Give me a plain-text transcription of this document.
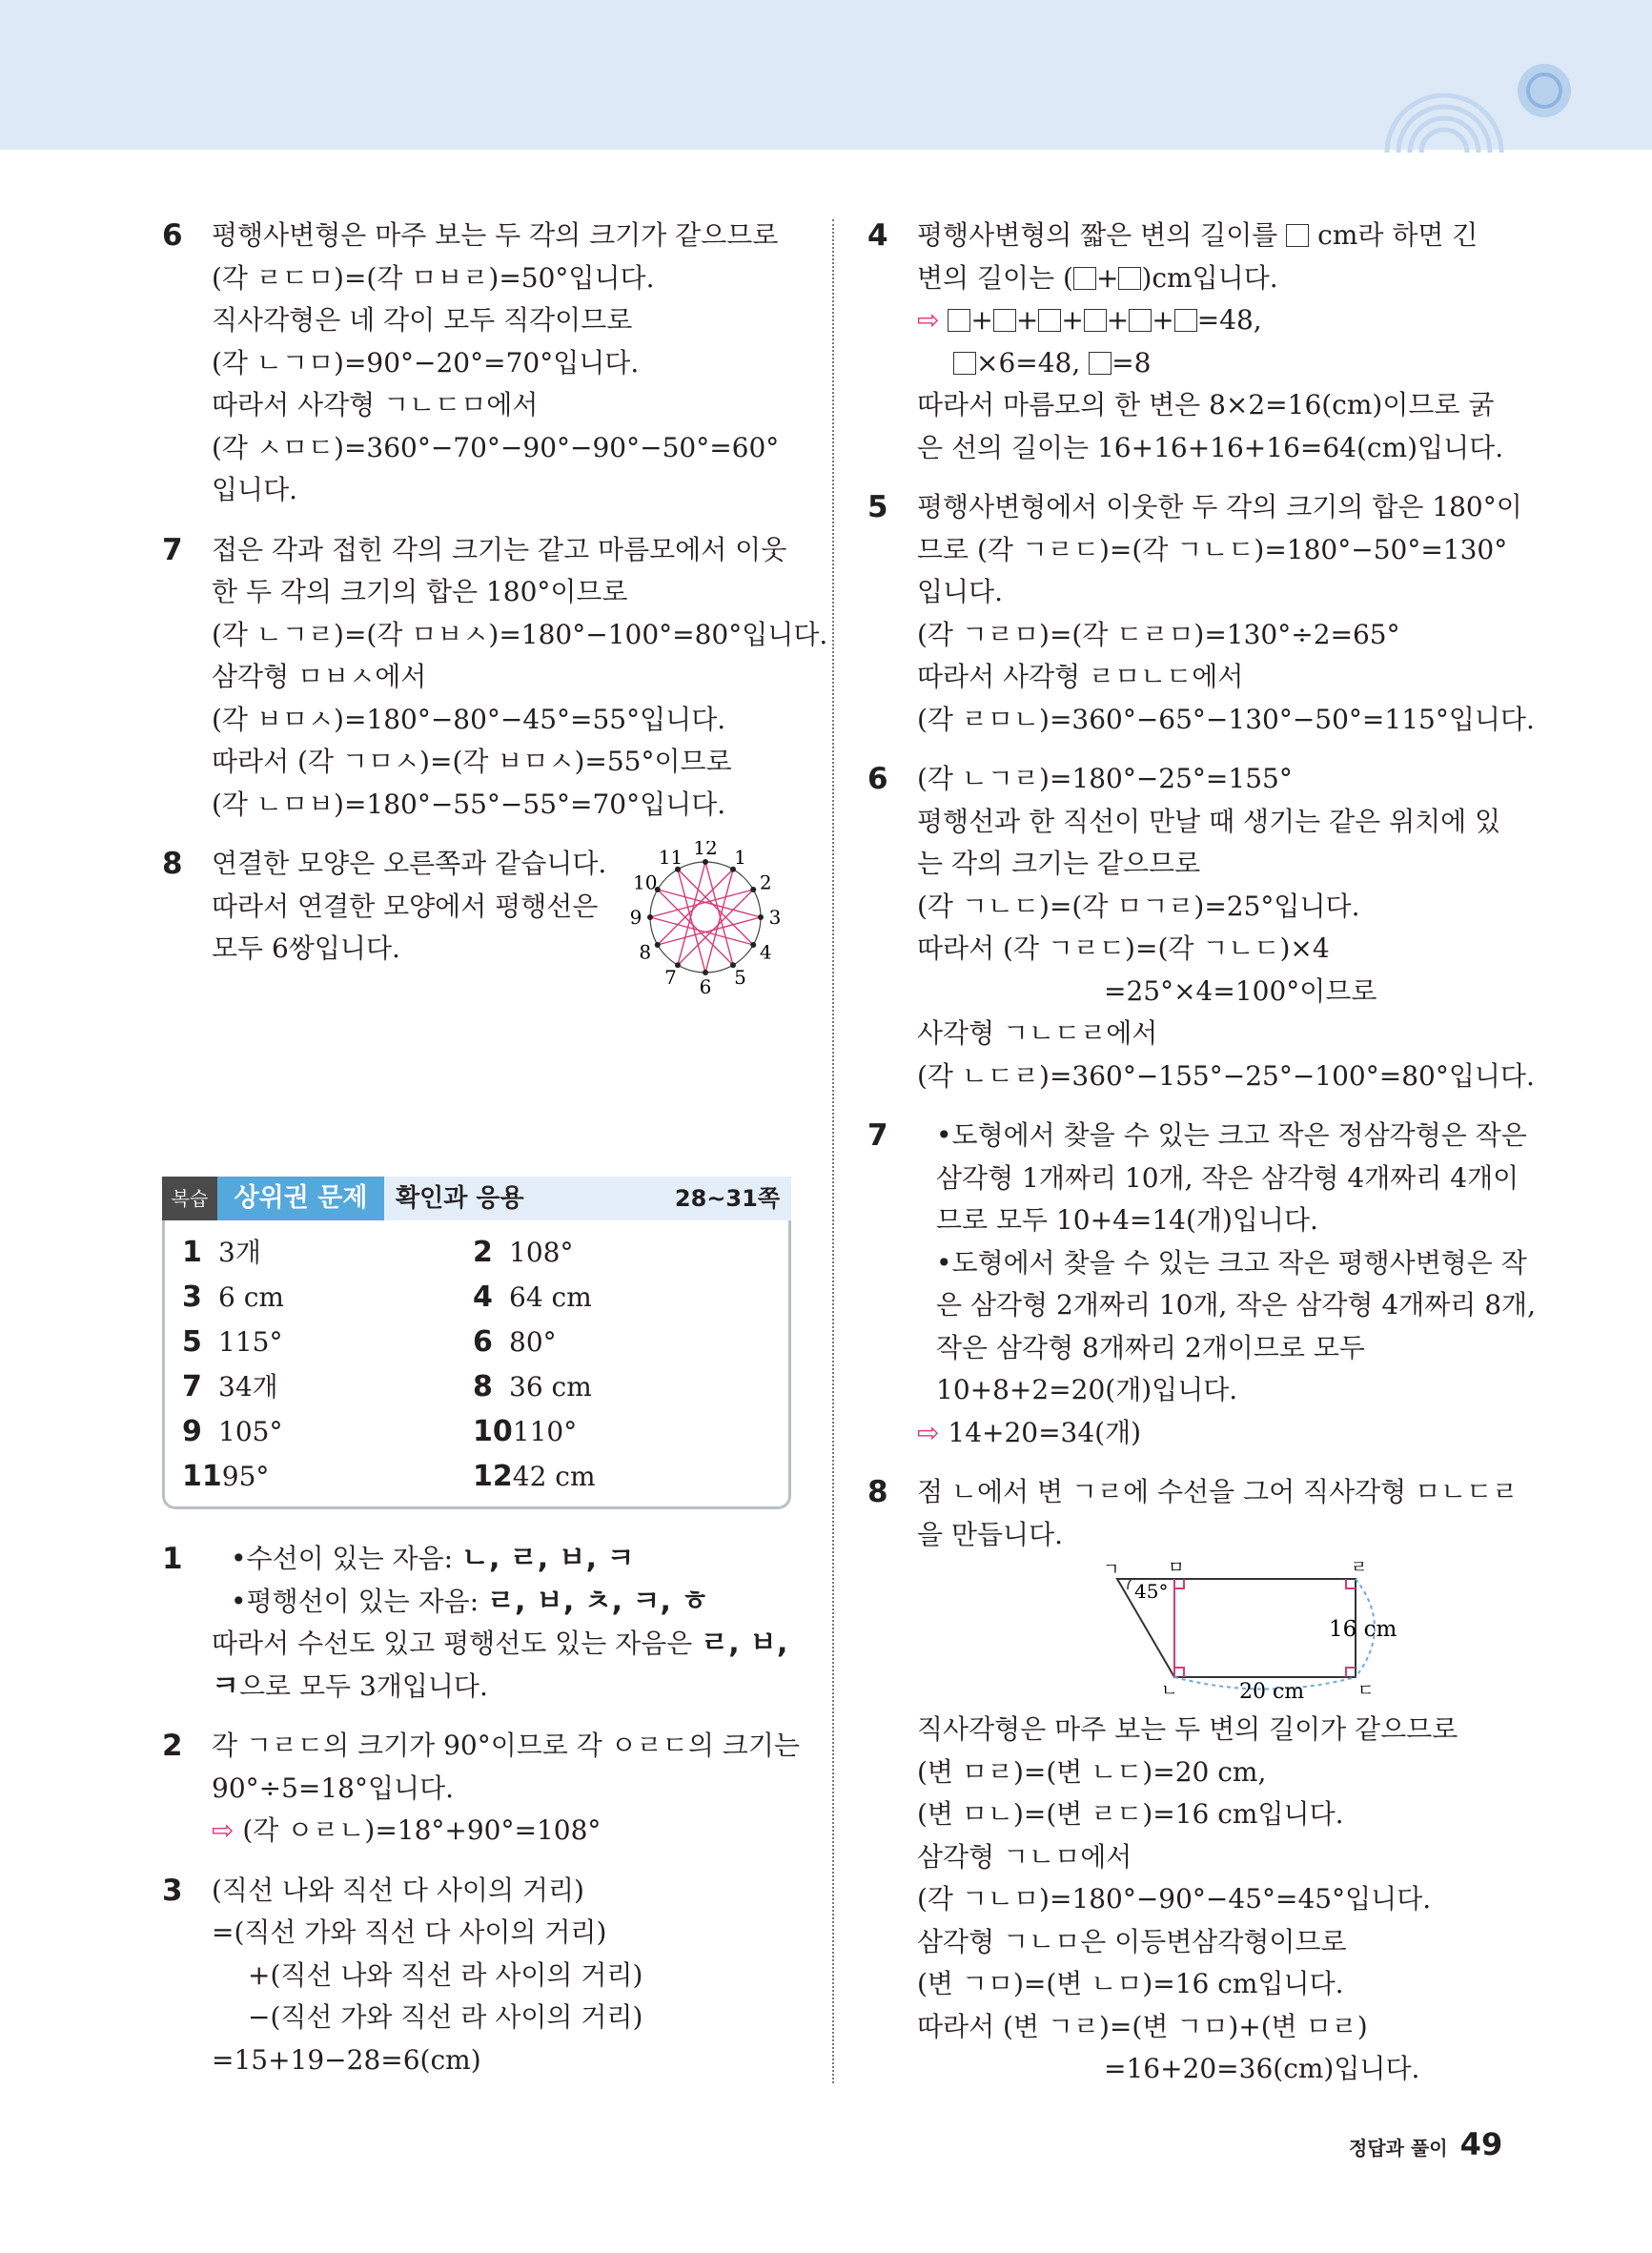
6 평행사변형은 마주 보는 두 각의 크기가 같으므로
(각 ㄹㄷㅁ)=(각 ㅁㅂㄹ)=50°입니다.
직사각형은 네 각이 모두 직각이므로
(각 ㄴㄱㅁ)=90°−20°=70°입니다.
따라서 사각형 ㄱㄴㄷㅁ에서
(각 ㅅㅁㄷ)=360°−70°−90°−90°−50°=60°
입니다.
7 접은 각과 접힌 각의 크기는 같고 마름모에서 이웃
한 두 각의 크기의 합은 180°이므로
(각 ㄴㄱㄹ)=(각 ㅁㅂㅅ)=180°−100°=80°입니다.
삼각형 ㅁㅂㅅ에서
(각 ㅂㅁㅅ)=180°−80°−45°=55°입니다.
따라서 (각 ㄱㅁㅅ)=(각 ㅂㅁㅅ)=55°이므로
(각 ㄴㅁㅂ)=180°−55°−55°=70°입니다.
8 연결한 모양은 오른쪽과 같습니다.
따라서 연결한 모양에서 평행선은
모두 6쌍입니다.
12 1
2
3
4
5
6
7
8
9
10
11
복습	상위권 문제	확인과 응용	28~31쪽
1 3개	2 108°
3 6 cm	4 64 cm
5 115°	6 80°
7 34개	8 36 cm
9 105°	10110°
1195°	1242 cm
1	•수선이 있는 자음: ㄴ, ㄹ, ㅂ, ㅋ
•평행선이 있는 자음: ㄹ, ㅂ, ㅊ, ㅋ, ㅎ
따라서 수선도 있고 평행선도 있는 자음은 ㄹ, ㅂ,
ㅋ으로 모두 3개입니다.
2 각 ㄱㄹㄷ의 크기가 90°이므로 각 ㅇㄹㄷ의 크기는
90°÷5=18°입니다.
⇨ (각 ㅇㄹㄴ)=18°+90°=108°
3 (직선 나와 직선 다 사이의 거리)
=(직선 가와 직선 다 사이의 거리)
+(직선 나와 직선 라 사이의 거리)
−(직선 가와 직선 라 사이의 거리)
=15+19−28=6(cm)
4 평행사변형의 짧은 변의 길이를  cm라 하면 긴
변의 길이는 ( + )cm입니다.
⇨ + + + + + =48,
×6=48, =8
따라서 마름모의 한 변은 8×2=16(cm)이므로 굵
은 선의 길이는 16+16+16+16=64(cm)입니다.
5 평행사변형에서 이웃한 두 각의 크기의 합은 180°이
므로 (각 ㄱㄹㄷ)=(각 ㄱㄴㄷ)=180°−50°=130°
입니다.
(각 ㄱㄹㅁ)=(각 ㄷㄹㅁ)=130°÷2=65°
따라서 사각형 ㄹㅁㄴㄷ에서
(각 ㄹㅁㄴ)=360°−65°−130°−50°=115°입니다.
6 (각 ㄴㄱㄹ)=180°−25°=155°
평행선과 한 직선이 만날 때 생기는 같은 위치에 있
는 각의 크기는 같으므로
(각 ㄱㄴㄷ)=(각 ㅁㄱㄹ)=25°입니다.
따라서 (각 ㄱㄹㄷ)=(각 ㄱㄴㄷ)×4
=25°×4=100°이므로
사각형 ㄱㄴㄷㄹ에서
(각 ㄴㄷㄹ)=360°−155°−25°−100°=80°입니다.
7	•도형에서 찾을 수 있는 크고 작은 정삼각형은 작은
삼각형 1개짜리 10개, 작은 삼각형 4개짜리 4개이
므로 모두 10+4=14(개)입니다.
•도형에서 찾을 수 있는 크고 작은 평행사변형은 작
은 삼각형 2개짜리 10개, 작은 삼각형 4개짜리 8개,
작은 삼각형 8개짜리 2개이므로 모두
10+8+2=20(개)입니다.
⇨ 14+20=34(개)
8 점 ㄴ에서 변 ㄱㄹ에 수선을 그어 직사각형 ㅁㄴㄷㄹ
을 만듭니다.
ㄱ	ㅁ	ㄹ
ㄴ	ㄷ
45°
16 cm
20 cm
직사각형은 마주 보는 두 변의 길이가 같으므로
(변 ㅁㄹ)=(변 ㄴㄷ)=20 cm,
(변 ㅁㄴ)=(변 ㄹㄷ)=16 cm입니다.
삼각형 ㄱㄴㅁ에서
(각 ㄱㄴㅁ)=180°−90°−45°=45°입니다.
삼각형 ㄱㄴㅁ은 이등변삼각형이므로
(변 ㄱㅁ)=(변 ㄴㅁ)=16 cm입니다.
따라서 (변 ㄱㄹ)=(변 ㄱㅁ)+(변 ㅁㄹ)
=16+20=36(cm)입니다.
정답과 풀이 49
